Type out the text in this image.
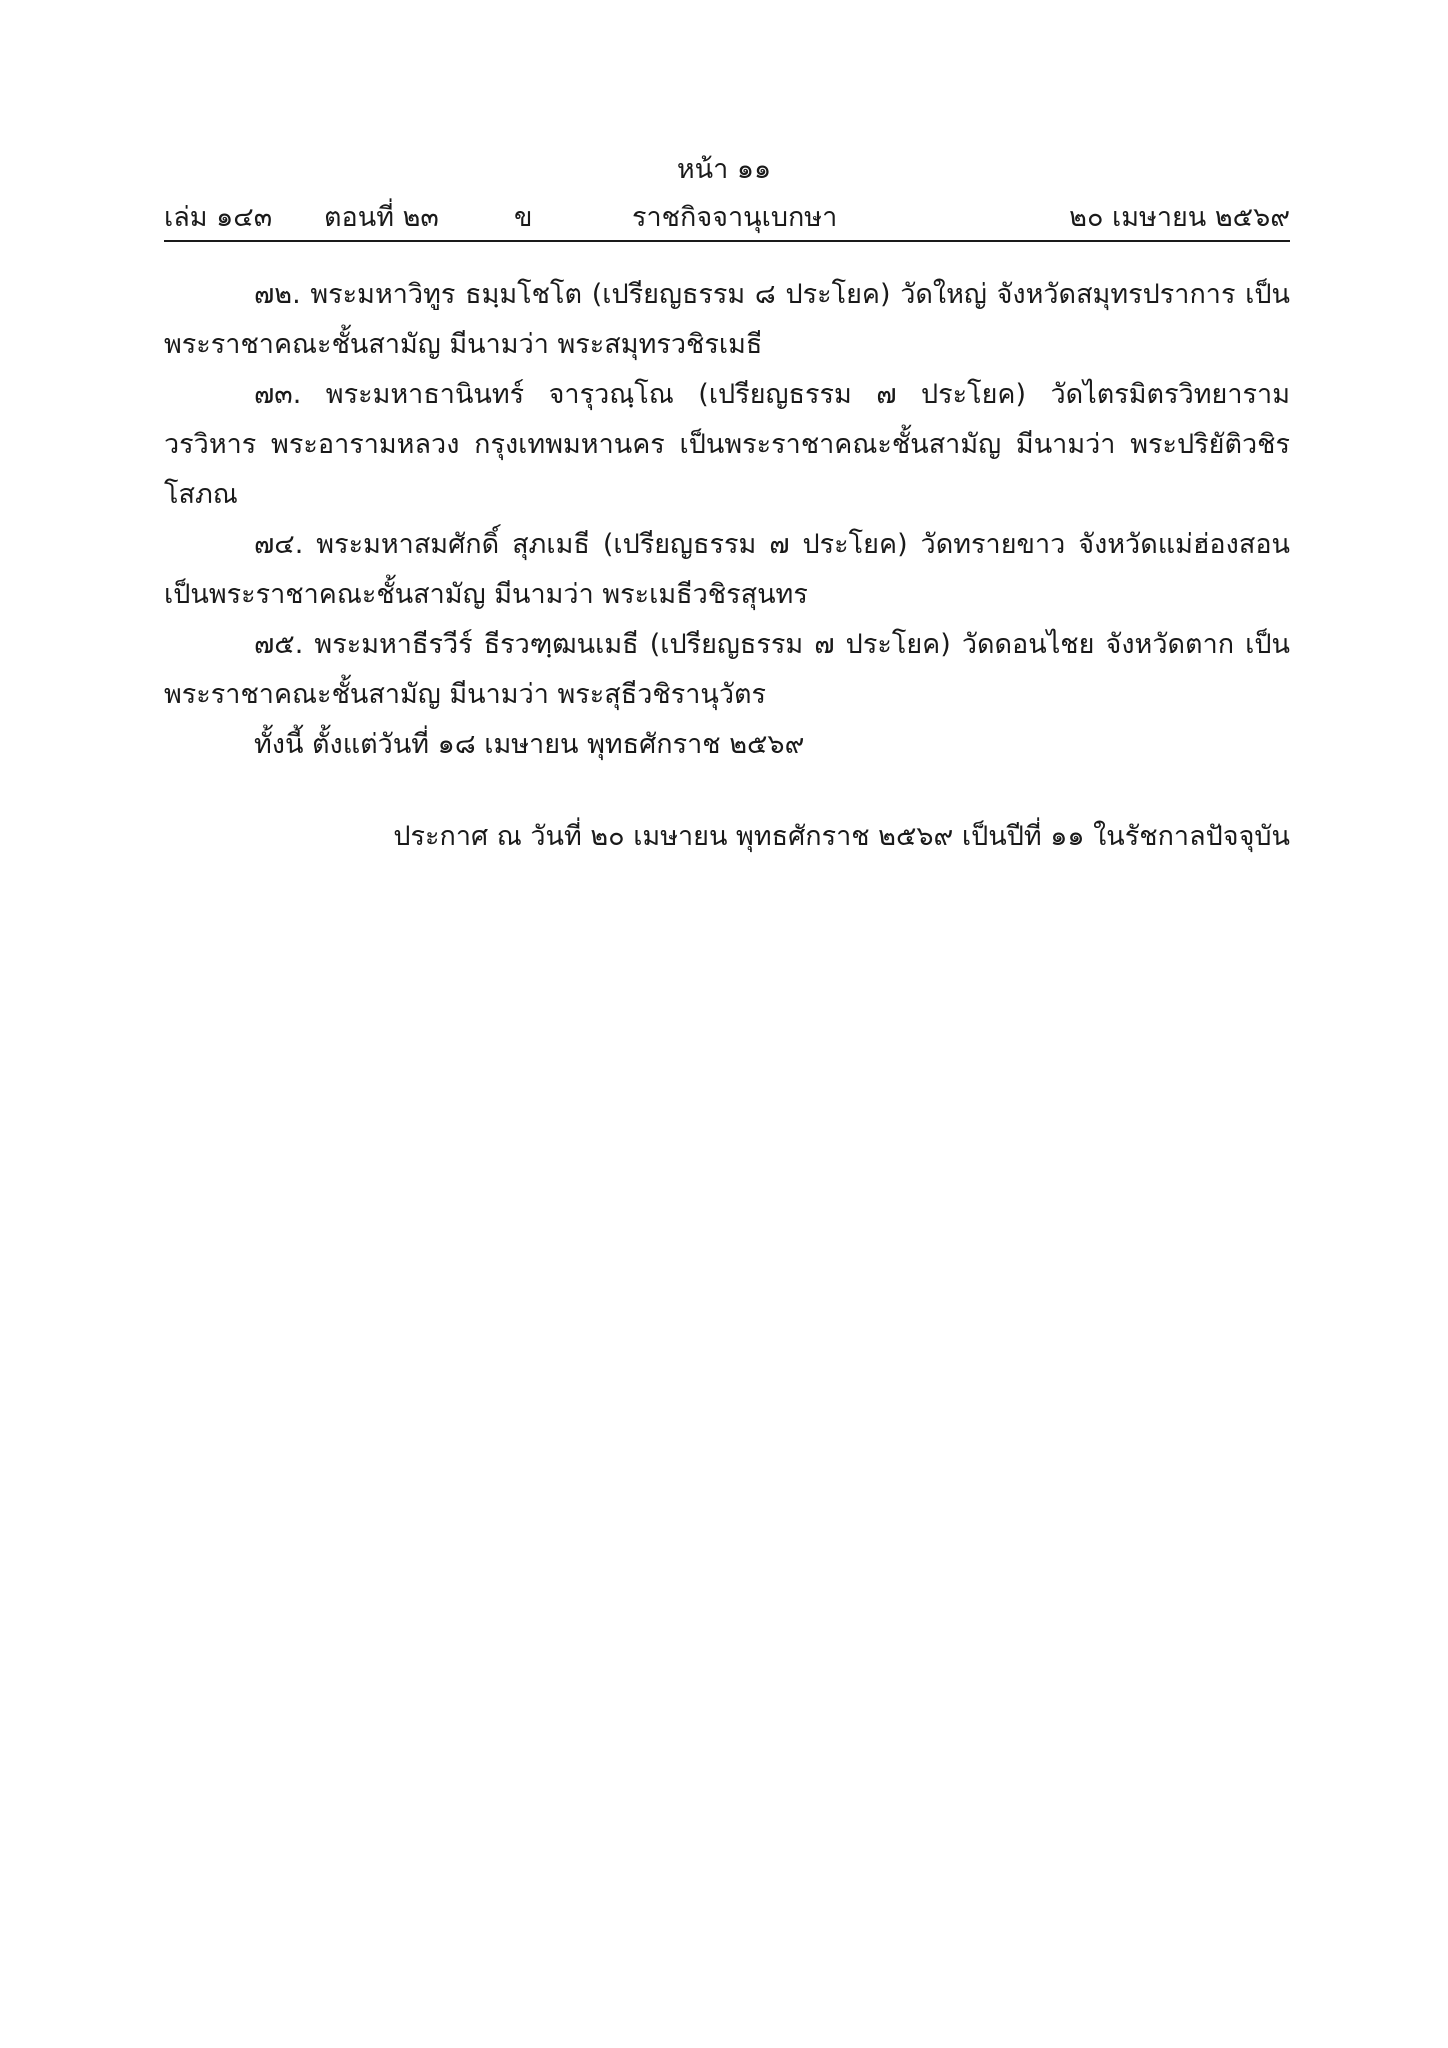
หน้า ๑๑
เล่ม ๑๔๓ ตอนที่ ๒๓	ข	ราชกิจจานุเบกษา	๒๐ เมษายน ๒๕๖๙

๗๒. พระมหาวิทูร ธมฺมโชโต (เปรียญธรรม ๘ ประโยค) วัดใหญ่ จังหวัดสมุทรปราการ เป็นพระราชาคณะชั้นสามัญ มีนามว่า พระสมุทรวชิรเมธี

๗๓. พระมหาธานินทร์ จารุวณฺโณ (เปรียญธรรม ๗ ประโยค) วัดไตรมิตรวิทยาราม วรวิหาร พระอารามหลวง กรุงเทพมหานคร เป็นพระราชาคณะชั้นสามัญ มีนามว่า พระปริยัติวชิรโสภณ

๗๔. พระมหาสมศักดิ์ สุภเมธี (เปรียญธรรม ๗ ประโยค) วัดทรายขาว จังหวัดแม่ฮ่องสอน เป็นพระราชาคณะชั้นสามัญ มีนามว่า พระเมธีวชิรสุนทร

๗๕. พระมหาธีรวีร์ ธีรวฑฺฒนเมธี (เปรียญธรรม ๗ ประโยค) วัดดอนไชย จังหวัดตาก เป็นพระราชาคณะชั้นสามัญ มีนามว่า พระสุธีวชิรานุวัตร

ทั้งนี้ ตั้งแต่วันที่ ๑๘ เมษายน พุทธศักราช ๒๕๖๙

ประกาศ ณ วันที่ ๒๐ เมษายน พุทธศักราช ๒๕๖๙ เป็นปีที่ ๑๑ ในรัชกาลปัจจุบัน
